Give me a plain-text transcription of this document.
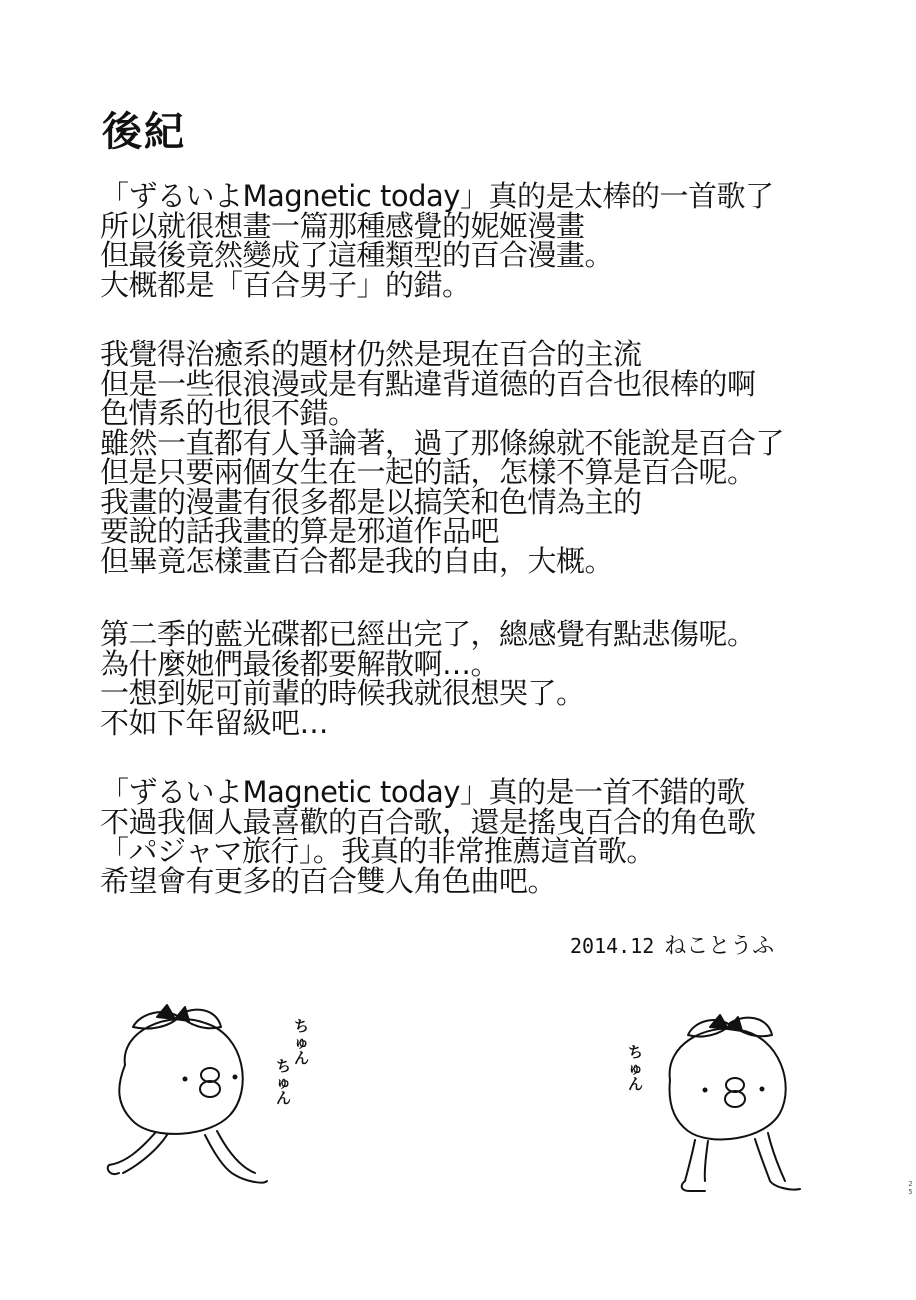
後紀
「ずるいよMagnetic today」真的是太棒的一首歌了
所以就很想畫一篇那種感覺的妮姬漫畫
但最後竟然變成了這種類型的百合漫畫。
大概都是「百合男子」的錯。
我覺得治癒系的題材仍然是現在百合的主流
但是一些很浪漫或是有點違背道德的百合也很棒的啊
色情系的也很不錯。
雖然一直都有人爭論著，過了那條線就不能說是百合了
但是只要兩個女生在一起的話，怎樣不算是百合呢。
我畫的漫畫有很多都是以搞笑和色情為主的
要說的話我畫的算是邪道作品吧
但畢竟怎樣畫百合都是我的自由，大概。
第二季的藍光碟都已經出完了，總感覺有點悲傷呢。
為什麼她們最後都要解散啊…。
一想到妮可前輩的時候我就很想哭了。
不如下年留級吧…
「ずるいよMagnetic today」真的是一首不錯的歌
不過我個人最喜歡的百合歌，還是搖曳百合的角色歌
「パジャマ旅行」。我真的非常推薦這首歌。
希望會有更多的百合雙人角色曲吧。
2014.12 ねことうふ
ち
ゅ
ん
ち
ゅ
ん
ち
ゅ
ん
2
5
